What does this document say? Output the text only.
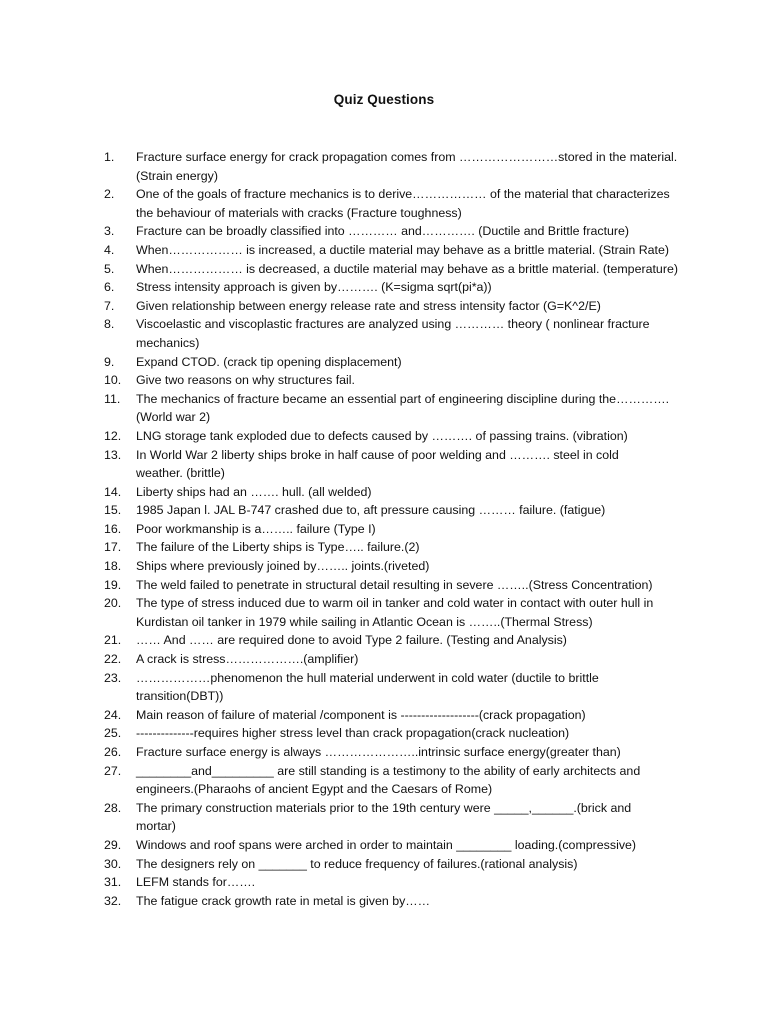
Quiz Questions
1.	Fracture surface energy for crack propagation comes from ……………………stored in the material.
(Strain energy)
2.	One of the goals of fracture mechanics is to derive……………… of the material that characterizes
the behaviour of materials with cracks (Fracture toughness)
3.	Fracture can be broadly classified into ………… and…………. (Ductile and Brittle fracture)
4.	When……………… is increased, a ductile material may behave as a brittle material. (Strain Rate)
5.	When……………… is decreased, a ductile material may behave as a brittle material. (temperature)
6.	Stress intensity approach is given by………. (K=sigma sqrt(pi*a))
7.	Given relationship between energy release rate and stress intensity factor (G=K^2/E)
8.	Viscoelastic and viscoplastic fractures are analyzed using ………… theory ( nonlinear fracture
mechanics)
9.	Expand CTOD. (crack tip opening displacement)
10.	Give two reasons on why structures fail.
11.	The mechanics of fracture became an essential part of engineering discipline during the………….
(World war 2)
12.	LNG storage tank exploded due to defects caused by ………. of passing trains. (vibration)
13.	In World War 2 liberty ships broke in half cause of poor welding and ………. steel in cold
weather. (brittle)
14.	Liberty ships had an ……. hull. (all welded)
15.	1985 Japan l. JAL B-747 crashed due to, aft pressure causing ……… failure. (fatigue)
16.	Poor workmanship is a…….. failure (Type I)
17.	The failure of the Liberty ships is Type….. failure.(2)
18.	Ships where previously joined by…….. joints.(riveted)
19.	The weld failed to penetrate in structural detail resulting in severe ……..(Stress Concentration)
20.	The type of stress induced due to warm oil in tanker and cold water in contact with outer hull in
Kurdistan oil tanker in 1979 while sailing in Atlantic Ocean is ……..(Thermal Stress)
21.	…… And …… are required done to avoid Type 2 failure. (Testing and Analysis)
22.	A crack is stress……………….(amplifier)
23.	………………phenomenon the hull material underwent in cold water (ductile to brittle
transition(DBT))
24.	Main reason of failure of material /component is -------------------(crack propagation)
25.	--------------requires higher stress level than crack propagation(crack nucleation)
26.	Fracture surface energy is always …………………..intrinsic surface energy(greater than)
27.	________and_________ are still standing is a testimony to the ability of early architects and
engineers.(Pharaohs of ancient Egypt and the Caesars of Rome)
28.	The primary construction materials prior to the 19th century were _____,______.(brick and
mortar)
29.	Windows and roof spans were arched in order to maintain ________ loading.(compressive)
30.	The designers rely on _______ to reduce frequency of failures.(rational analysis)
31.	LEFM stands for…….
32.	The fatigue crack growth rate in metal is given by……
